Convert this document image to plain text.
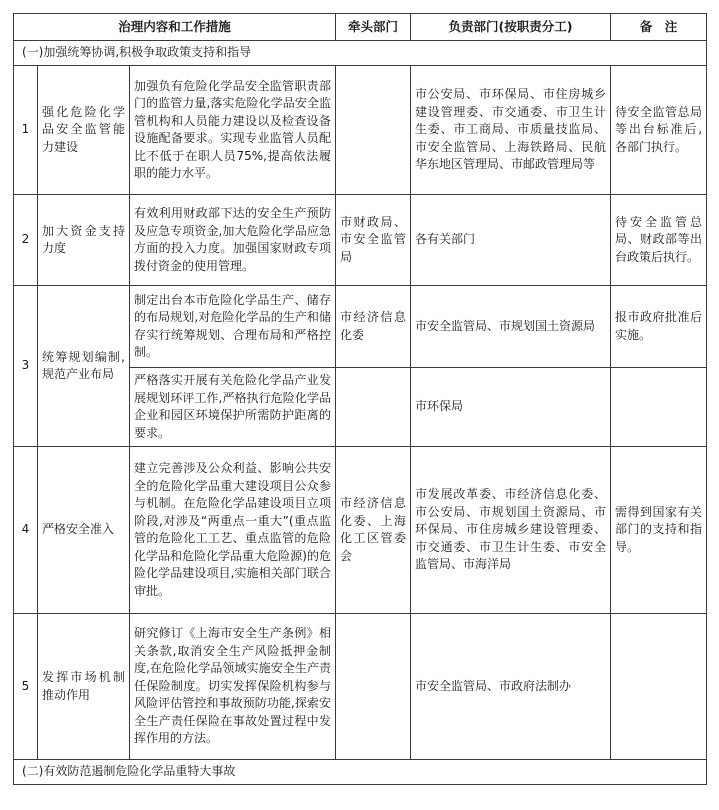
治理内容和工作措施			牵头部门	负责部门(按职责分工)	备　注
(一)加强统筹协调,积极争取政策支持和指导					
1	强化危险化学品安全监管能力建设	加强负有危险化学品安全监管职责部门的监管力量,落实危险化学品安全监管机构和人员能力建设以及检查设备设施配备要求。实现专业监管人员配比不低于在职人员75%,提高依法履职的能力水平。		市公安局、市环保局、市住房城乡建设管理委、市交通委、市卫生计生委、市工商局、市质量技监局、市安全监管局、上海铁路局、民航华东地区管理局、市邮政管理局等	待安全监管总局等出台标准后,各部门执行。

2	加大资金支持力度	有效利用财政部下达的安全生产预防及应急专项资金,加大危险化学品应急方面的投入力度。加强国家财政专项拨付资金的使用管理。	市财政局、市安全监管局	各有关部门	待安全监管总局、财政部等出台政策后执行。

3	统筹规划编制,规范产业布局	制定出台本市危险化学品生产、储存的布局规划,对危险化学品的生产和储存实行统筹规划、合理布局和严格控制。	市经济信息化委	市安全监管局、市规划国土资源局	报市政府批准后实施。

		严格落实开展有关危险化学品产业发展规划环评工作,严格执行危险化学品企业和园区环境保护所需防护距离的要求。		市环保局	

4	严格安全准入	建立完善涉及公众利益、影响公共安全的危险化学品重大建设项目公众参与机制。在危险化学品建设项目立项阶段,对涉及“两重点一重大”(重点监管的危险化工工艺、重点监管的危险化学品和危险化学品重大危险源)的危险化学品建设项目,实施相关部门联合审批。	市经济信息化委、上海化工区管委会	市发展改革委、市经济信息化委、市公安局、市规划国土资源局、市环保局、市住房城乡建设管理委、市交通委、市卫生计生委、市安全监管局、市海洋局	需得到国家有关部门的支持和指导。

5	发挥市场机制推动作用	研究修订《上海市安全生产条例》相关条款,取消安全生产风险抵押金制度,在危险化学品领域实施安全生产责任保险制度。切实发挥保险机构参与风险评估管控和事故预防功能,探索安全生产责任保险在事故处置过程中发挥作用的方法。		市安全监管局、市政府法制办	

(二)有效防范遏制危险化学品重特大事故					
